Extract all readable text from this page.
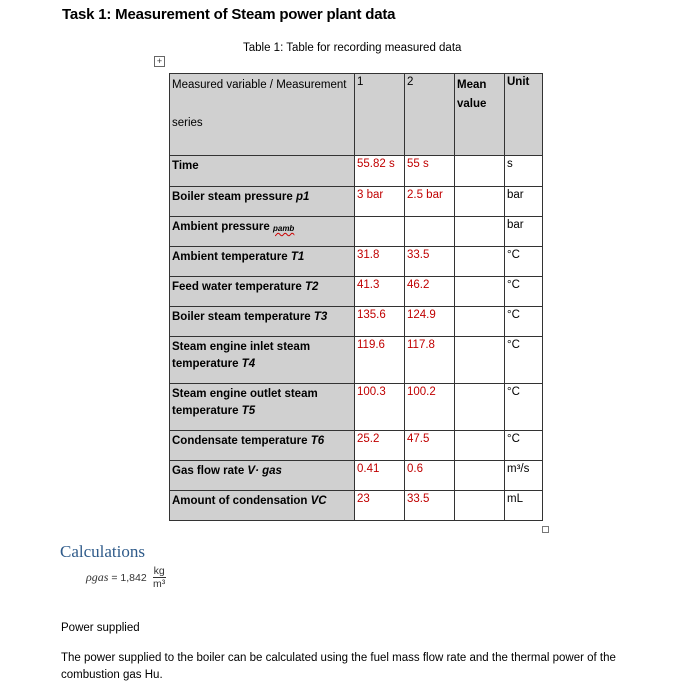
Task 1: Measurement of Steam power plant data
Table 1: Table for recording measured data
+
Measured variable / Measurement

series	1	2	Mean value	Unit
Time	55.82 s	55 s		s
Boiler steam pressure p1	3 bar	2.5 bar		bar
Ambient pressure pamb				bar
Ambient temperature T1	31.8	33.5		°C
Feed water temperature T2	41.3	46.2		°C
Boiler steam temperature T3	135.6	124.9		°C
Steam engine inlet steam temperature T4	119.6	117.8		°C
Steam engine outlet steam temperature T5	100.3	100.2		°C
Condensate temperature T6	25.2	47.5		°C
Gas flow rate V· gas	0.41	0.6		m³/s
Amount of condensation VC	23	33.5		mL
Calculations
$\rho gas = 1,842 \frac{kg}{\text{m³}}$
Power supplied
The power supplied to the boiler can be calculated using the fuel mass flow rate and the thermal power of the combustion gas Hu.
